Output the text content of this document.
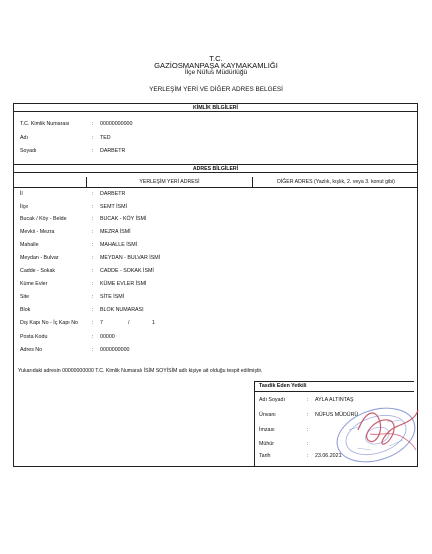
T.C.
GAZİOSMANPAŞA KAYMAKAMLIĞI
İlçe Nüfus Müdürlüğü
YERLEŞİM YERİ VE DİĞER ADRES BELGESİ
KİMLİK BİLGİLERİ
T.C. Kimlik Numarası	: 00000000000
Adı	: TED
Soyadı	: DARBETR
ADRES BİLGİLERİ
YERLEŞİM YERİ ADRESİ	DİĞER ADRES (Yazlık, kışlık, 2. veya 3. konut gibi)
İl	: DARBETR
İlçe	: SEMT İSMİ
Bucak / Köy - Belde	: BUCAK - KÖY İSMİ
Mevkii - Mezra	: MEZRA İSMİ
Mahalle	: MAHALLE İSMİ
Meydan - Bulvar	: MEYDAN - BULVAR İSMİ
Cadde - Sokak	: CADDE - SOKAK İSMİ
Küme Evler	: KÜME EVLER İSMİ
Site	: SİTE İSMİ
Blok	: BLOK NUMARASI
Dış Kapı No - İç Kapı No	: 7	/	1
Posta Kodu	: 00000
Adres No	: 0000000000
Yukarıdaki adresin 00000000000 T.C. Kimlik Numaralı İSİM SOYİSİM adlı kişiye ait olduğu tespit edilmiştir.
Tasdik Eden Yetkili
Adı Soyadı	: AYLA ALTINTAŞ
Ünvanı	: NÜFUS MÜDÜRÜ
İmzası	:
Mühür	:
Tarih	: 23.06.2021
